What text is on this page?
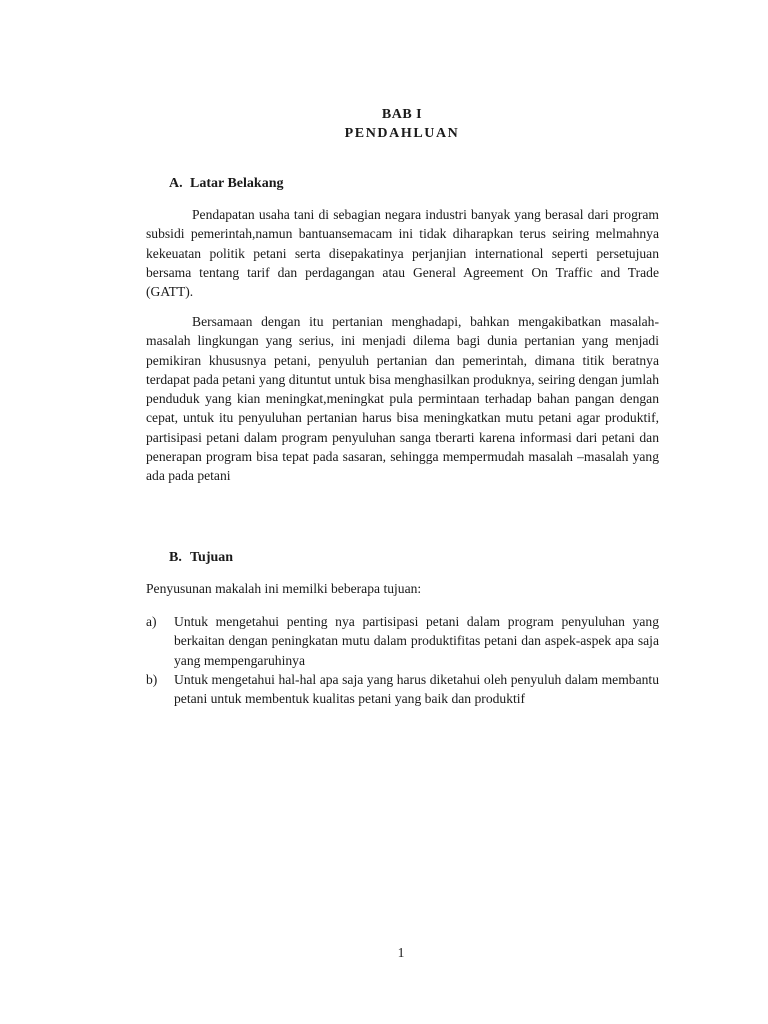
BAB I
PENDAHLUAN
A. Latar Belakang

Pendapatan usaha tani di sebagian negara industri banyak yang berasal dari program subsidi pemerintah,namun bantuansemacam ini tidak diharapkan terus seiring melmahnya kekeuatan politik petani serta disepakatinya perjanjian international seperti persetujuan bersama tentang tarif dan perdagangan atau General Agreement On Traffic and Trade (GATT).

Bersamaan dengan itu pertanian menghadapi, bahkan mengakibatkan masalah-masalah lingkungan yang serius, ini menjadi dilema bagi dunia pertanian yang menjadi pemikiran khususnya petani, penyuluh pertanian dan pemerintah, dimana titik beratnya terdapat pada petani yang dituntut untuk bisa menghasilkan produknya, seiring dengan jumlah penduduk yang kian meningkat,meningkat pula permintaan terhadap bahan pangan dengan cepat, untuk itu penyuluhan pertanian harus bisa meningkatkan mutu petani agar produktif, partisipasi petani dalam program penyuluhan sanga tberarti karena informasi dari petani dan penerapan program bisa tepat pada sasaran, sehingga mempermudah masalah –masalah yang ada pada petani

B. Tujuan

Penyusunan makalah ini memilki beberapa tujuan:

a)	Untuk mengetahui penting nya partisipasi petani dalam program penyuluhan yang berkaitan dengan peningkatan mutu dalam produktifitas petani dan aspek-aspek apa saja yang mempengaruhinya
b)	Untuk mengetahui hal-hal apa saja yang harus diketahui oleh penyuluh dalam membantu petani untuk membentuk kualitas petani yang baik dan produktif
1
